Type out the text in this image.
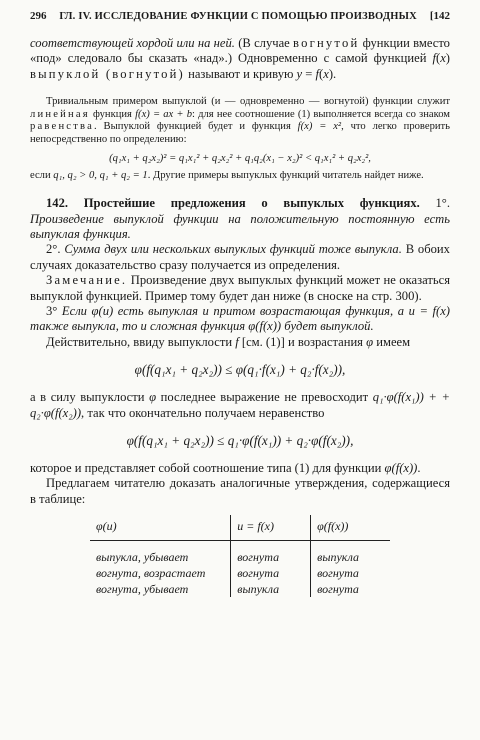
296 ГЛ. IV. ИССЛЕДОВАНИЕ ФУНКЦИИ С ПОМОЩЬЮ ПРОИЗВОДНЫХ [142

соответствующей хордой или на ней. (В случае вогнутой функции вместо «под» следовало бы сказать «над».) Одновременно с самой функцией f(x) выпуклой (вогнутой) называют и кривую y = f(x).

Тривиальным примером выпуклой (и — одновременно — вогнутой) функции служит линейная функция f(x) = ax + b: для нее соотношение (1) выполняется всегда со знаком равенства. Выпуклой функцией будет и функция f(x) = x², что легко проверить непосредственно по определению:

(q₁x₁ + q₂x₂)² = q₁x₁² + q₂x₂² + q₁q₂(x₁ − x₂)² < q₁x₁² + q₂x₂²,

если q₁, q₂ > 0, q₁ + q₂ = 1. Другие примеры выпуклых функций читатель найдет ниже.

142. Простейшие предложения о выпуклых функциях. 1°. Произведение выпуклой функции на положительную постоянную есть выпуклая функция.

2°. Сумма двух или нескольких выпуклых функций тоже выпукла. В обоих случаях доказательство сразу получается из определения.

Замечание. Произведение двух выпуклых функций может не оказаться выпуклой функцией. Пример тому будет дан ниже (в сноске на стр. 300).

3° Если φ(u) есть выпуклая и притом возрастающая функция, а u = f(x) также выпукла, то и сложная функция φ(f(x)) будет выпуклой.

Действительно, ввиду выпуклости f [см. (1)] и возрастания φ имеем

φ(f(q₁x₁ + q₂x₂)) ≤ φ(q₁·f(x₁) + q₂·f(x₂)),

а в силу выпуклости φ последнее выражение не превосходит q₁·φ(f(x₁)) + + q₂·φ(f(x₂)), так что окончательно получаем неравенство

φ(f(q₁x₁ + q₂x₂)) ≤ q₁·φ(f(x₁)) + q₂·φ(f(x₂)),

которое и представляет собой соотношение типа (1) для функции φ(f(x)).

Предлагаем читателю доказать аналогичные утверждения, содержащиеся в таблице:

φ(u)	u = f(x)	φ(f(x))
выпукла, убывает	вогнута	выпукла
вогнута, возрастает	вогнута	вогнута
вогнута, убывает	выпукла	вогнута
